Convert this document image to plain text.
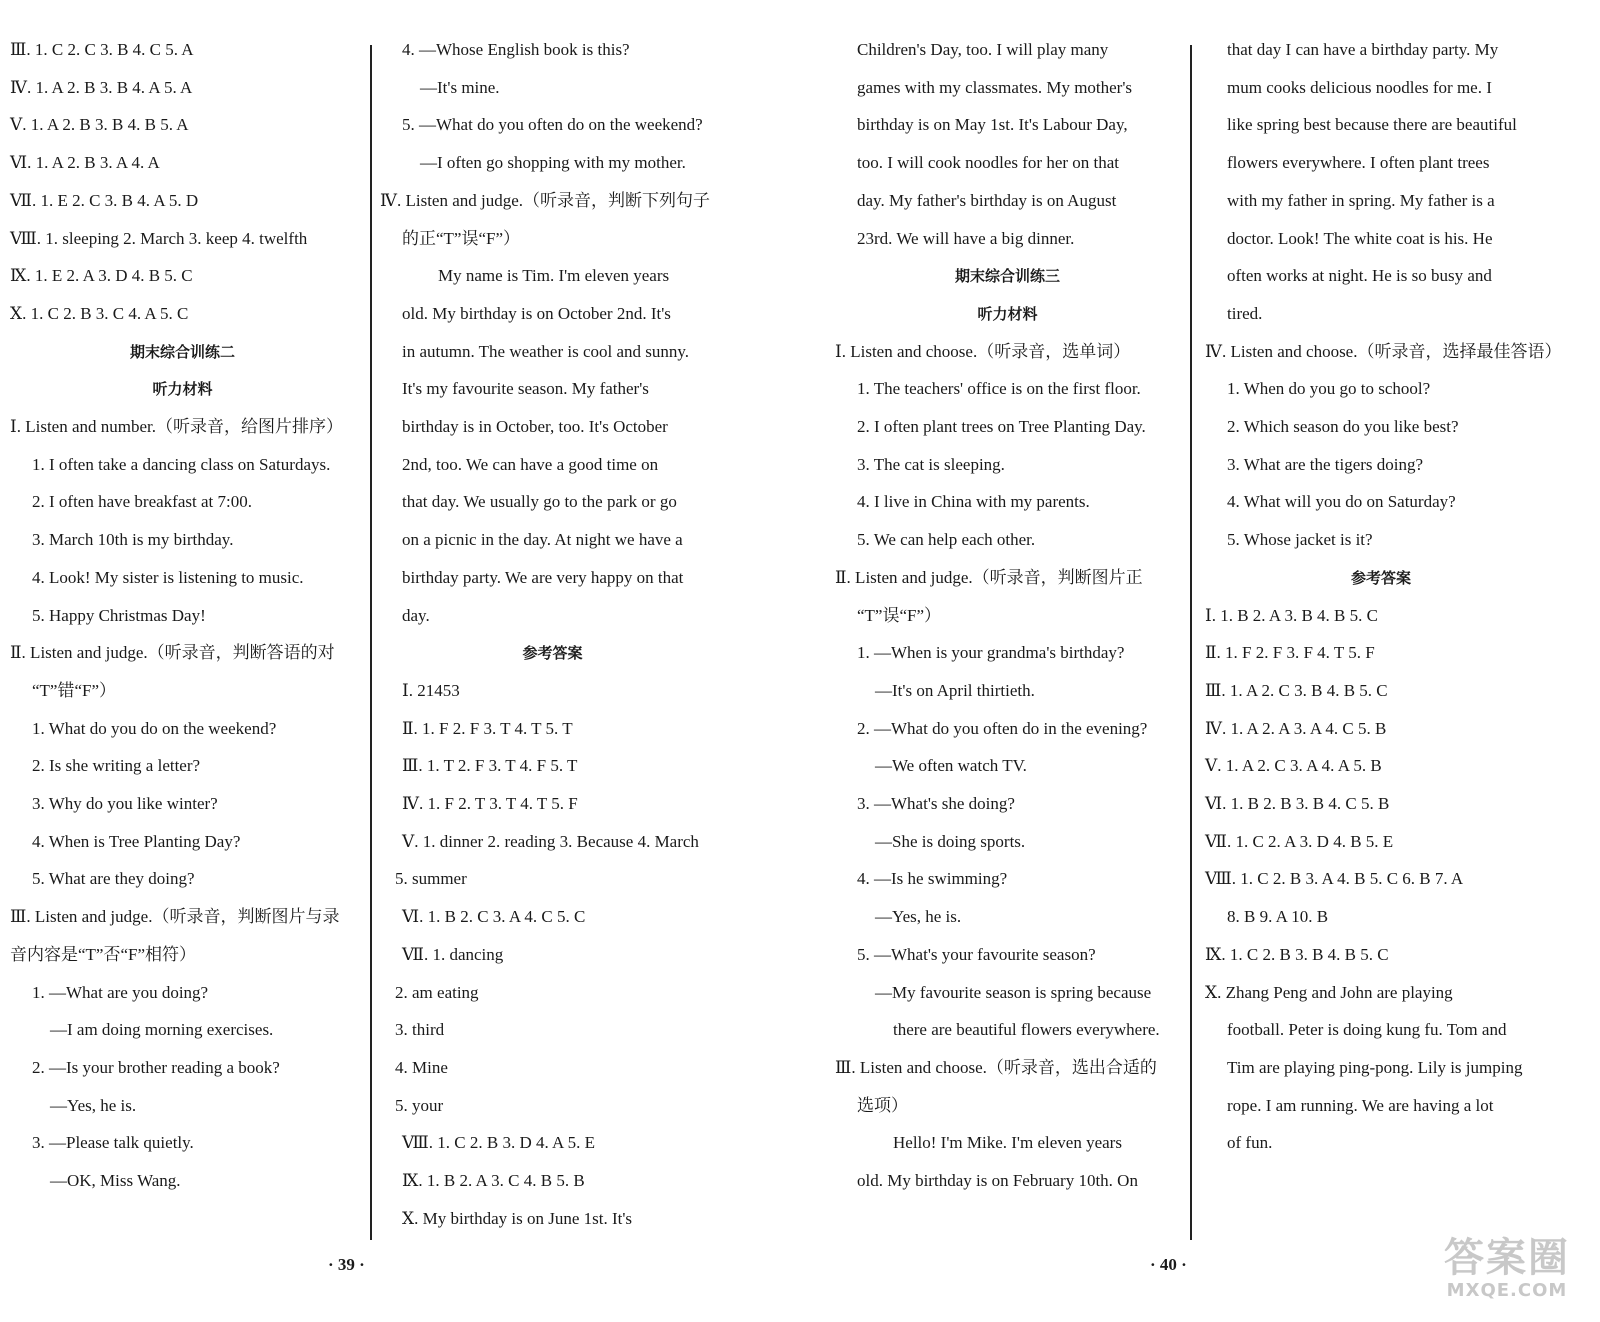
Ⅲ. 1. C 2. C 3. B 4. C 5. A
Ⅳ. 1. A 2. B 3. B 4. A 5. A
Ⅴ. 1. A 2. B 3. B 4. B 5. A
Ⅵ. 1. A 2. B 3. A 4. A
Ⅶ. 1. E 2. C 3. B 4. A 5. D
Ⅷ. 1. sleeping 2. March 3. keep 4. twelfth
Ⅸ. 1. E 2. A 3. D 4. B 5. C
Ⅹ. 1. C 2. B 3. C 4. A 5. C
期末综合训练二
听力材料
Ⅰ. Listen and number.（听录音，给图片排序）
1. I often take a dancing class on Saturdays.
2. I often have breakfast at 7:00.
3. March 10th is my birthday.
4. Look! My sister is listening to music.
5. Happy Christmas Day!
Ⅱ. Listen and judge.（听录音，判断答语的对
“T”错“F”）
1. What do you do on the weekend?
2. Is she writing a letter?
3. Why do you like winter?
4. When is Tree Planting Day?
5. What are they doing?
Ⅲ. Listen and judge.（听录音，判断图片与录
音内容是“T”否“F”相符）
1. —What are you doing?
—I am doing morning exercises.
2. —Is your brother reading a book?
—Yes, he is.
3. —Please talk quietly.
—OK, Miss Wang.
4. —Whose English book is this?
—It's mine.
5. —What do you often do on the weekend?
—I often go shopping with my mother.
Ⅳ. Listen and judge.（听录音，判断下列句子
的正“T”误“F”）
My name is Tim. I'm eleven years
old. My birthday is on October 2nd. It's
in autumn. The weather is cool and sunny.
It's my favourite season. My father's
birthday is in October, too. It's October
2nd, too. We can have a good time on
that day. We usually go to the park or go
on a picnic in the day. At night we have a
birthday party. We are very happy on that
day.
参考答案
Ⅰ. 21453
Ⅱ. 1. F 2. F 3. T 4. T 5. T
Ⅲ. 1. T 2. F 3. T 4. F 5. T
Ⅳ. 1. F 2. T 3. T 4. T 5. F
Ⅴ. 1. dinner 2. reading 3. Because 4. March
5. summer
Ⅵ. 1. B 2. C 3. A 4. C 5. C
Ⅶ. 1. dancing
2. am eating
3. third
4. Mine
5. your
Ⅷ. 1. C 2. B 3. D 4. A 5. E
Ⅸ. 1. B 2. A 3. C 4. B 5. B
Ⅹ. My birthday is on June 1st. It's
Children's Day, too. I will play many
games with my classmates. My mother's
birthday is on May 1st. It's Labour Day,
too. I will cook noodles for her on that
day. My father's birthday is on August
23rd. We will have a big dinner.
期末综合训练三
听力材料
Ⅰ. Listen and choose.（听录音，选单词）
1. The teachers' office is on the first floor.
2. I often plant trees on Tree Planting Day.
3. The cat is sleeping.
4. I live in China with my parents.
5. We can help each other.
Ⅱ. Listen and judge.（听录音，判断图片正
“T”误“F”）
1. —When is your grandma's birthday?
—It's on April thirtieth.
2. —What do you often do in the evening?
—We often watch TV.
3. —What's she doing?
—She is doing sports.
4. —Is he swimming?
—Yes, he is.
5. —What's your favourite season?
—My favourite season is spring because
there are beautiful flowers everywhere.
Ⅲ. Listen and choose.（听录音，选出合适的
选项）
Hello! I'm Mike. I'm eleven years
old. My birthday is on February 10th. On
that day I can have a birthday party. My
mum cooks delicious noodles for me. I
like spring best because there are beautiful
flowers everywhere. I often plant trees
with my father in spring. My father is a
doctor. Look! The white coat is his. He
often works at night. He is so busy and
tired.
Ⅳ. Listen and choose.（听录音，选择最佳答语）
1. When do you go to school?
2. Which season do you like best?
3. What are the tigers doing?
4. What will you do on Saturday?
5. Whose jacket is it?
参考答案
Ⅰ. 1. B 2. A 3. B 4. B 5. C
Ⅱ. 1. F 2. F 3. F 4. T 5. F
Ⅲ. 1. A 2. C 3. B 4. B 5. C
Ⅳ. 1. A 2. A 3. A 4. C 5. B
Ⅴ. 1. A 2. C 3. A 4. A 5. B
Ⅵ. 1. B 2. B 3. B 4. C 5. B
Ⅶ. 1. C 2. A 3. D 4. B 5. E
Ⅷ. 1. C 2. B 3. A 4. B 5. C 6. B 7. A
8. B 9. A 10. B
Ⅸ. 1. C 2. B 3. B 4. B 5. C
Ⅹ. Zhang Peng and John are playing
football. Peter is doing kung fu. Tom and
Tim are playing ping-pong. Lily is jumping
rope. I am running. We are having a lot
of fun.
· 39 ·	· 40 ·	答案圈
MXQE.COM
